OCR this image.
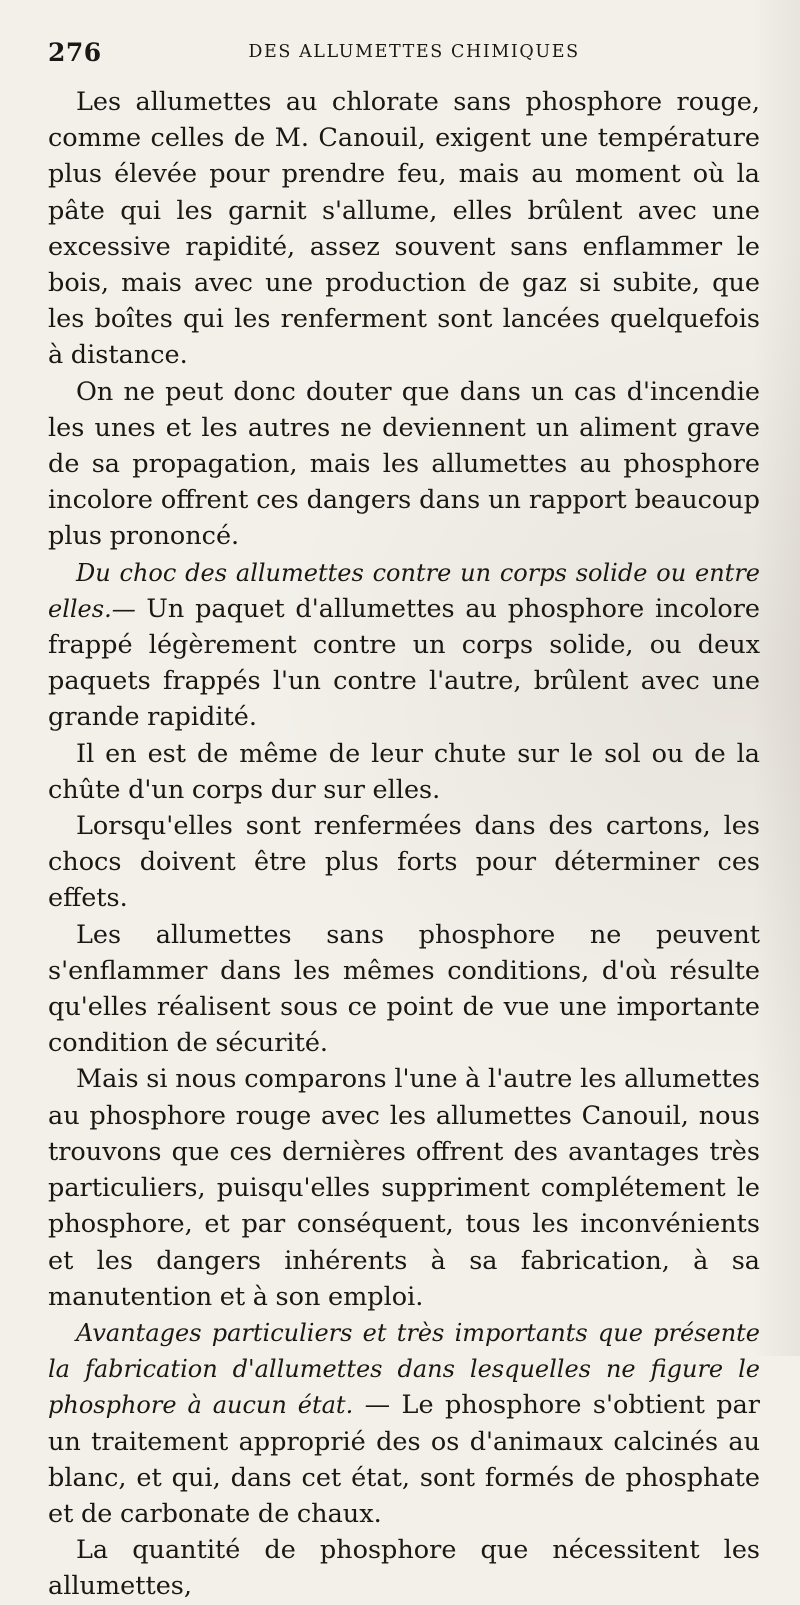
276	DES ALLUMETTES CHIMIQUES

Les allumettes au chlorate sans phosphore rouge, comme celles de M. Canouil, exigent une température plus élevée pour prendre feu, mais au moment où la pâte qui les garnit s'allume, elles brûlent avec une excessive rapidité, assez souvent sans enflammer le bois, mais avec une production de gaz si subite, que les boîtes qui les renferment sont lancées quelquefois à distance.

On ne peut donc douter que dans un cas d'incendie les unes et les autres ne deviennent un aliment grave de sa propagation, mais les allumettes au phosphore incolore offrent ces dangers dans un rapport beaucoup plus prononcé.

Du choc des allumettes contre un corps solide ou entre elles.— Un paquet d'allumettes au phosphore incolore frappé légèrement contre un corps solide, ou deux paquets frappés l'un contre l'autre, brûlent avec une grande rapidité.

Il en est de même de leur chute sur le sol ou de la chûte d'un corps dur sur elles.

Lorsqu'elles sont renfermées dans des cartons, les chocs doivent être plus forts pour déterminer ces effets.

Les allumettes sans phosphore ne peuvent s'enflammer dans les mêmes conditions, d'où résulte qu'elles réalisent sous ce point de vue une importante condition de sécurité.

Mais si nous comparons l'une à l'autre les allumettes au phosphore rouge avec les allumettes Canouil, nous trouvons que ces dernières offrent des avantages très particuliers, puisqu'elles suppriment complétement le phosphore, et par conséquent, tous les inconvénients et les dangers inhérents à sa fabrication, à sa manutention et à son emploi.

Avantages particuliers et très importants que présente la fabrication d'allumettes dans lesquelles ne figure le phosphore à aucun état. — Le phosphore s'obtient par un traitement approprié des os d'animaux calcinés au blanc, et qui, dans cet état, sont formés de phosphate et de carbonate de chaux.

La quantité de phosphore que nécessitent les allumettes,
